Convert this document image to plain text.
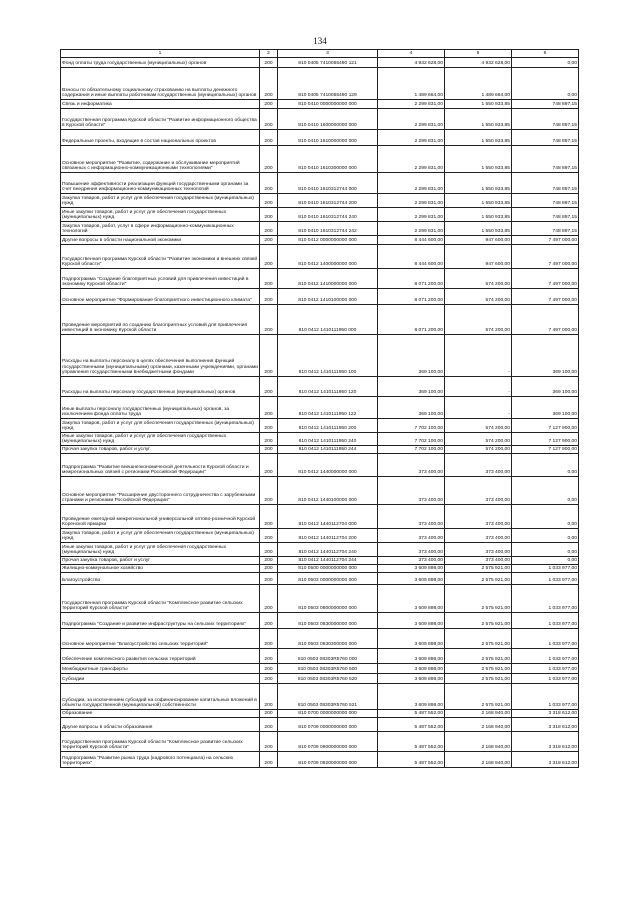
134
1	2	3	4	5	6
Фонд оплаты труда государственных (муниципальных) органов	200	810 0405 7410055490 121	4 932 628,00	4 932 628,00	0,00
Взносы по обязательному социальному страхованию на выплаты денежного содержания и иные выплаты работникам государственных (муниципальных) органов	200	810 0405 7410055490 129	1 489 664,00	1 489 664,00	0,00
Связь и информатика	200	810 0410 0000000000 000	2 299 831,00	1 550 933,85	748 897,15
Государственная программа Курской области "Развитие информационного общества в Курской области"	200	810 0410 1600000000 000	2 299 831,00	1 550 933,85	748 897,15
Федеральные проекты, входящие в состав национальных проектов	200	810 0410 1610000000 000	2 299 831,00	1 550 933,85	748 897,15
Основное мероприятие "Развитие, содержание и обслуживание мероприятий связанных с информационно-коммуникационными технологиями"	200	810 0410 1610300000 000	2 299 831,00	1 550 933,85	748 897,15
Повышение эффективности реализации функций государственными органами за счет внедрения информационно-коммуникационных технологий	200	810 0410 1610312744 000	2 299 831,00	1 550 933,85	748 897,15
Закупка товаров, работ и услуг для обеспечения государственных (муниципальных) нужд	200	810 0410 1610312744 200	2 299 831,00	1 550 933,85	748 897,15
Иные закупки товаров, работ и услуг для обеспечения государственных (муниципальных) нужд	200	810 0410 1610312744 240	2 299 831,00	1 550 933,85	748 897,15
Закупка товаров, работ, услуг в сфере информационно-коммуникационных технологий	200	810 0410 1610312744 242	2 299 831,00	1 550 933,85	748 897,15
Другие вопросы в области национальной экономики	200	810 0412 0000000000 000	8 444 600,00	947 600,00	7 497 000,00
Государственная программа Курской области "Развитие экономики и внешних связей Курской области"	200	810 0412 1400000000 000	8 444 600,00	947 600,00	7 497 000,00
Подпрограмма "Создание благоприятных условий для привлечения инвестиций в экономику Курской области"	200	810 0412 1410000000 000	8 071 200,00	574 200,00	7 497 000,00
Основное мероприятие "Формирование благоприятного инвестиционного климата"	200	810 0412 1410100000 000	8 071 200,00	574 200,00	7 497 000,00
Проведение мероприятий по созданию благоприятных условий для привлечения инвестиций в экономику Курской области	200	810 0412 1410111950 000	8 071 200,00	574 200,00	7 497 000,00
Расходы на выплаты персоналу в целях обеспечения выполнения функций государственными (муниципальными) органами, казенными учреждениями, органами управления государственными внебюджетными фондами	200	810 0412 1410111950 100	369 100,00	-	369 100,00
Расходы на выплаты персоналу государственных (муниципальных) органов	200	810 0412 1410111950 120	369 100,00	-	369 100,00
Иные выплаты персоналу государственных (муниципальных) органов, за исключением фонда оплаты труда	200	810 0412 1410111950 122	369 100,00	-	369 100,00
Закупка товаров, работ и услуг для обеспечения государственных (муниципальных) нужд	200	810 0412 1410111950 200	7 702 100,00	574 200,00	7 127 900,00
Иные закупки товаров, работ и услуг для обеспечения государственных (муниципальных) нужд	200	810 0412 1410111950 240	7 702 100,00	574 200,00	7 127 900,00
Прочая закупка товаров, работ и услуг	200	810 0412 1410111950 244	7 702 100,00	574 200,00	7 127 900,00
Подпрограмма "Развитие внешнеэкономической деятельности Курской области и межрегиональных связей с регионами Российской Федерации"	200	810 0412 1440000000 000	373 400,00	373 400,00	0,00
Основное мероприятие "Расширение двустороннего сотрудничества с зарубежными странами и регионами Российской Федерации"	200	810 0412 1440100000 000	373 400,00	373 400,00	0,00
Проведение ежегодной межрегиональной универсальной оптово-розничной Курской Коренской ярмарки	200	810 0412 1440112704 000	373 400,00	373 400,00	0,00
Закупка товаров, работ и услуг для обеспечения государственных (муниципальных) нужд	200	810 0412 1440112704 200	373 400,00	373 400,00	0,00
Иные закупки товаров, работ и услуг для обеспечения государственных (муниципальных) нужд	200	810 0412 1440112704 240	373 400,00	373 400,00	0,00
Прочая закупка товаров, работ и услуг	200	810 0412 1440112704 244	373 400,00	373 400,00	0,00
Жилищно-коммунальное хозяйство	200	810 0500 0000000000 000	3 609 898,00	2 575 921,00	1 033 977,00
Благоустройство	200	810 0503 0000000000 000	3 609 898,00	2 575 921,00	1 033 977,00
Государственная программа Курской области "Комплексное развитие сельских территорий Курской области"	200	810 0503 0800000000 000	3 609 898,00	2 575 921,00	1 033 977,00
Подпрограмма "Создание и развитие инфраструктуры на сельских территориях"	200	810 0503 0830000000 000	3 609 898,00	2 575 921,00	1 033 977,00
Основное мероприятие "Благоустройство сельских территорий"	200	810 0503 0830300000 000	3 609 898,00	2 575 921,00	1 033 977,00
Обеспечение комплексного развития сельских территорий	200	810 0503 08303R5760 000	3 609 898,00	2 575 921,00	1 033 977,00
Межбюджетные трансферты	200	810 0503 08303R5760 500	3 609 898,00	2 575 921,00	1 033 977,00
Субсидии	200	810 0503 08303R5760 520	3 609 898,00	2 575 921,00	1 033 977,00
Субсидии, за исключением субсидий на софинансирование капитальных вложений в объекты государственной (муниципальной) собственности	200	810 0503 08303R5760 521	3 609 898,00	2 575 921,00	1 033 977,00
Образование	200	810 0700 0000000000 000	5 487 552,00	2 168 940,00	3 318 612,00
Другие вопросы в области образования	200	810 0709 0000000000 000	5 487 552,00	2 168 940,00	3 318 612,00
Государственная программа Курской области "Комплексное развитие сельских территорий Курской области"	200	810 0709 0800000000 000	5 487 552,00	2 168 940,00	3 318 612,00
Подпрограмма "Развитие рынка труда (кадрового потенциала) на сельских территориях"	200	810 0709 0820000000 000	5 487 552,00	2 168 940,00	3 318 612,00
